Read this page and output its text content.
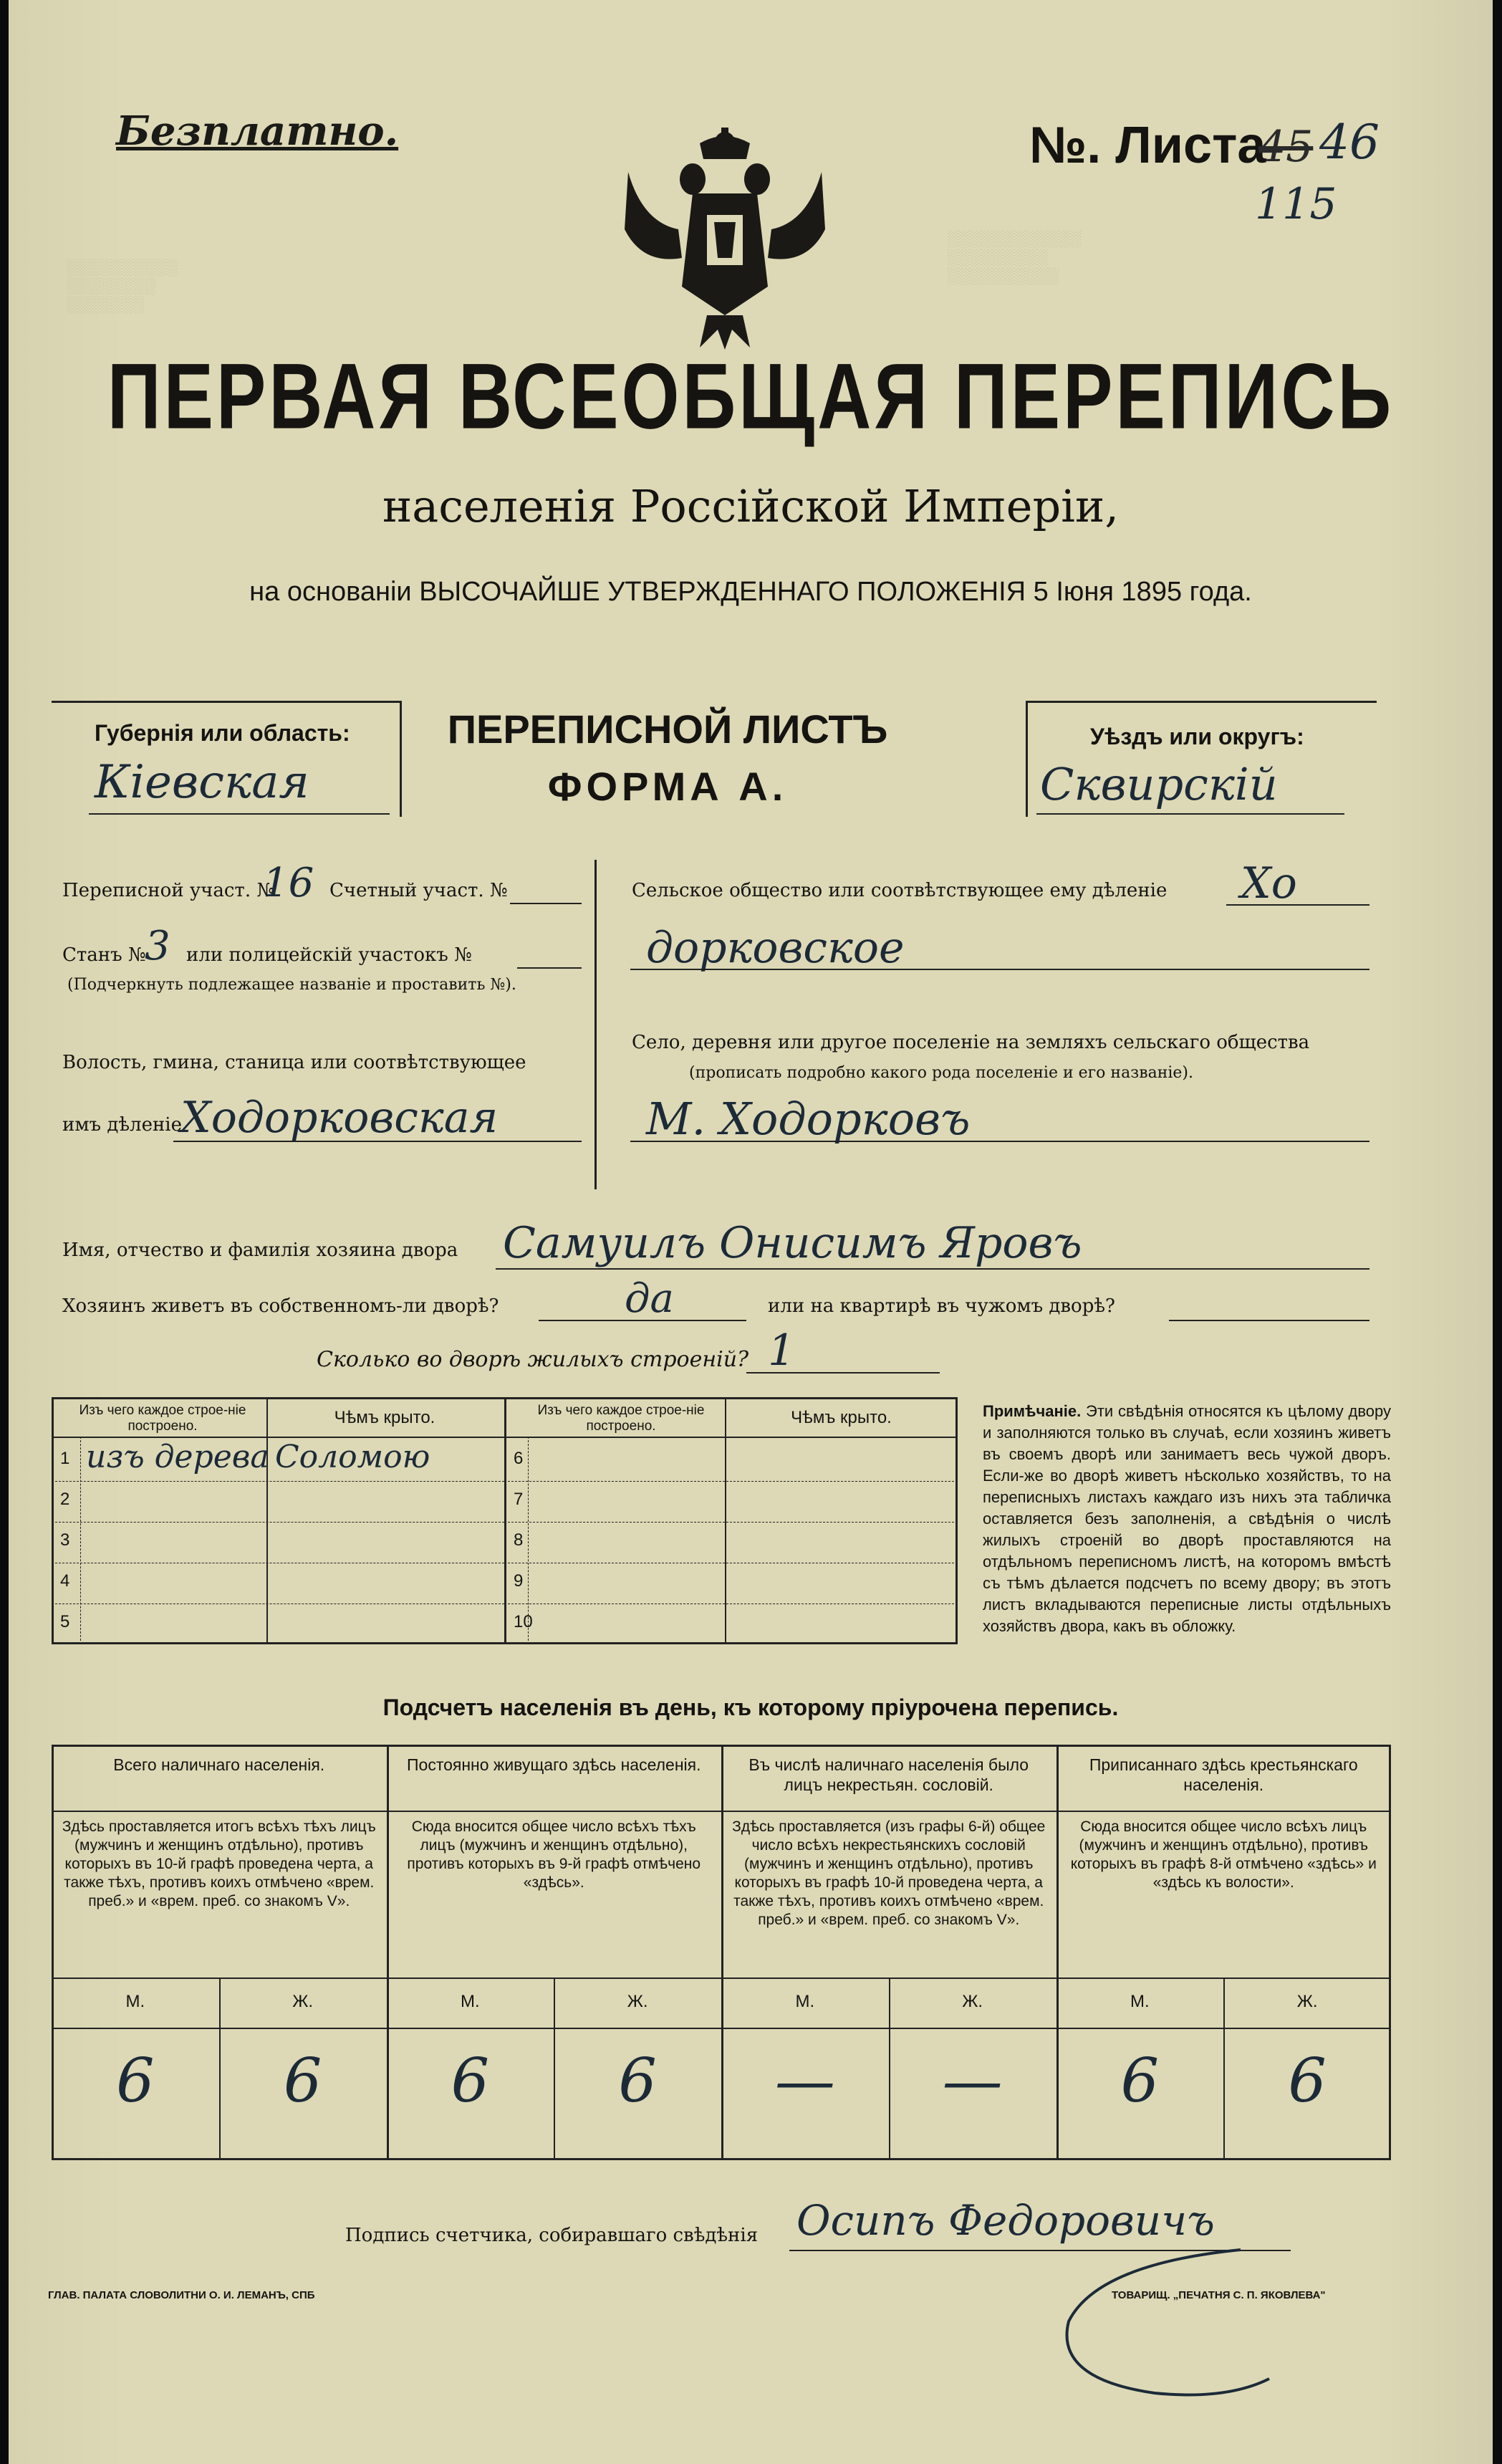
░░░░░░░░░░░░
░░░░░░░░░
░░░░░░░░░░
░░░░░░░░░░
░░░░░░░░
░░░░░░░
Безплатно.	№. Листа
45 46
115
ПЕРВАЯ ВСЕОБЩАЯ ПЕРЕПИСЬ
населенія Россійской Имперіи,
на основаніи ВЫСОЧАЙШЕ УТВЕРЖДЕННАГО ПОЛОЖЕНІЯ 5 Іюня 1895 года.
Губернія или область:
Кіевская
ПЕРЕПИСНОЙ ЛИСТЪ
ФОРМА А.
Уѣздъ или округъ:
Сквирскій
Переписной участ. №
16 Счетный участ. №
Станъ №
3 или полицейскій участокъ №
(Подчеркнуть подлежащее названіе и проставить №).
Волость, гмина, станица или соотвѣтствующее
имъ дѣленіе
Ходорковская
Сельское общество или соотвѣтствующее ему дѣленіе Хо
дорковское
Село, деревня или другое поселеніе на земляхъ сельскаго общества
(прописать подробно какого рода поселеніе и его названіе).
М. Ходорковъ
Имя, отчество и фамилія хозяина двора Самуилъ Онисимъ Яровъ
Хозяинъ живетъ въ собственномъ-ли дворѣ?	да	или на квартирѣ въ чужомъ дворѣ?
Сколько во дворѣ жилыхъ строеній? 1
Изъ чего каждое строе-ніе построено.	Чѣмъ крыто.	Изъ чего каждое строе-ніе построено.	Чѣмъ крыто.
1 изъ дерева Соломою
2
3
4
5
6
7
8
9
10
Примѣчаніе. Эти свѣдѣнія относятся къ цѣлому двору и заполняются только въ случаѣ, если хозяинъ живетъ въ своемъ дворѣ или занимаетъ весь чужой дворъ. Если-же во дворѣ живетъ нѣсколько хозяйствъ, то на переписныхъ листахъ каждаго изъ нихъ эта табличка оставляется безъ заполненія, а свѣдѣнія о числѣ жилыхъ строеній во дворѣ проставляются на отдѣльномъ переписномъ листѣ, на которомъ вмѣстѣ съ тѣмъ дѣлается подсчетъ по всему двору; въ этотъ листъ вкладываются переписные листы отдѣльныхъ хозяйствъ двора, какъ въ обложку.
Подсчетъ населенія въ день, къ которому пріурочена перепись.
Всего наличнаго населенія.
Здѣсь проставляется итогъ всѣхъ тѣхъ лицъ (мужчинъ и женщинъ отдѣльно), противъ которыхъ въ 10-й графѣ проведена черта, а также тѣхъ, противъ коихъ отмѣчено «врем. преб.» и «врем. преб. со знакомъ V».
М.	Ж.
6	6
Постоянно живущаго здѣсь населенія.
Сюда вносится общее число всѣхъ тѣхъ лицъ (мужчинъ и женщинъ отдѣльно), противъ которыхъ въ 9-й графѣ отмѣчено «здѣсь».
М.	Ж.
6	6
Въ числѣ наличнаго населенія было лицъ некрестьян. сословій.
Здѣсь проставляется (изъ графы 6-й) общее число всѣхъ некрестьянскихъ сословій (мужчинъ и женщинъ отдѣльно), противъ которыхъ въ графѣ 10-й проведена черта, а также тѣхъ, противъ коихъ отмѣчено «врем. преб.» и «врем. преб. со знакомъ V».
М.	Ж.
—	—
Приписаннаго здѣсь крестьянскаго населенія.
Сюда вносится общее число всѣхъ лицъ (мужчинъ и женщинъ отдѣльно), противъ которыхъ въ графѣ 8-й отмѣчено «здѣсь» и «здѣсь къ волости».
М.	Ж.
6	6
Подпись счетчика, собиравшаго свѣдѣнія Осипъ Федоровичъ
ГЛАВ. ПАЛАТА СЛОВОЛИТНИ О. И. ЛЕМАНЪ, СПБ	ТОВАРИЩ. „ПЕЧАТНЯ С. П. ЯКОВЛЕВА"
